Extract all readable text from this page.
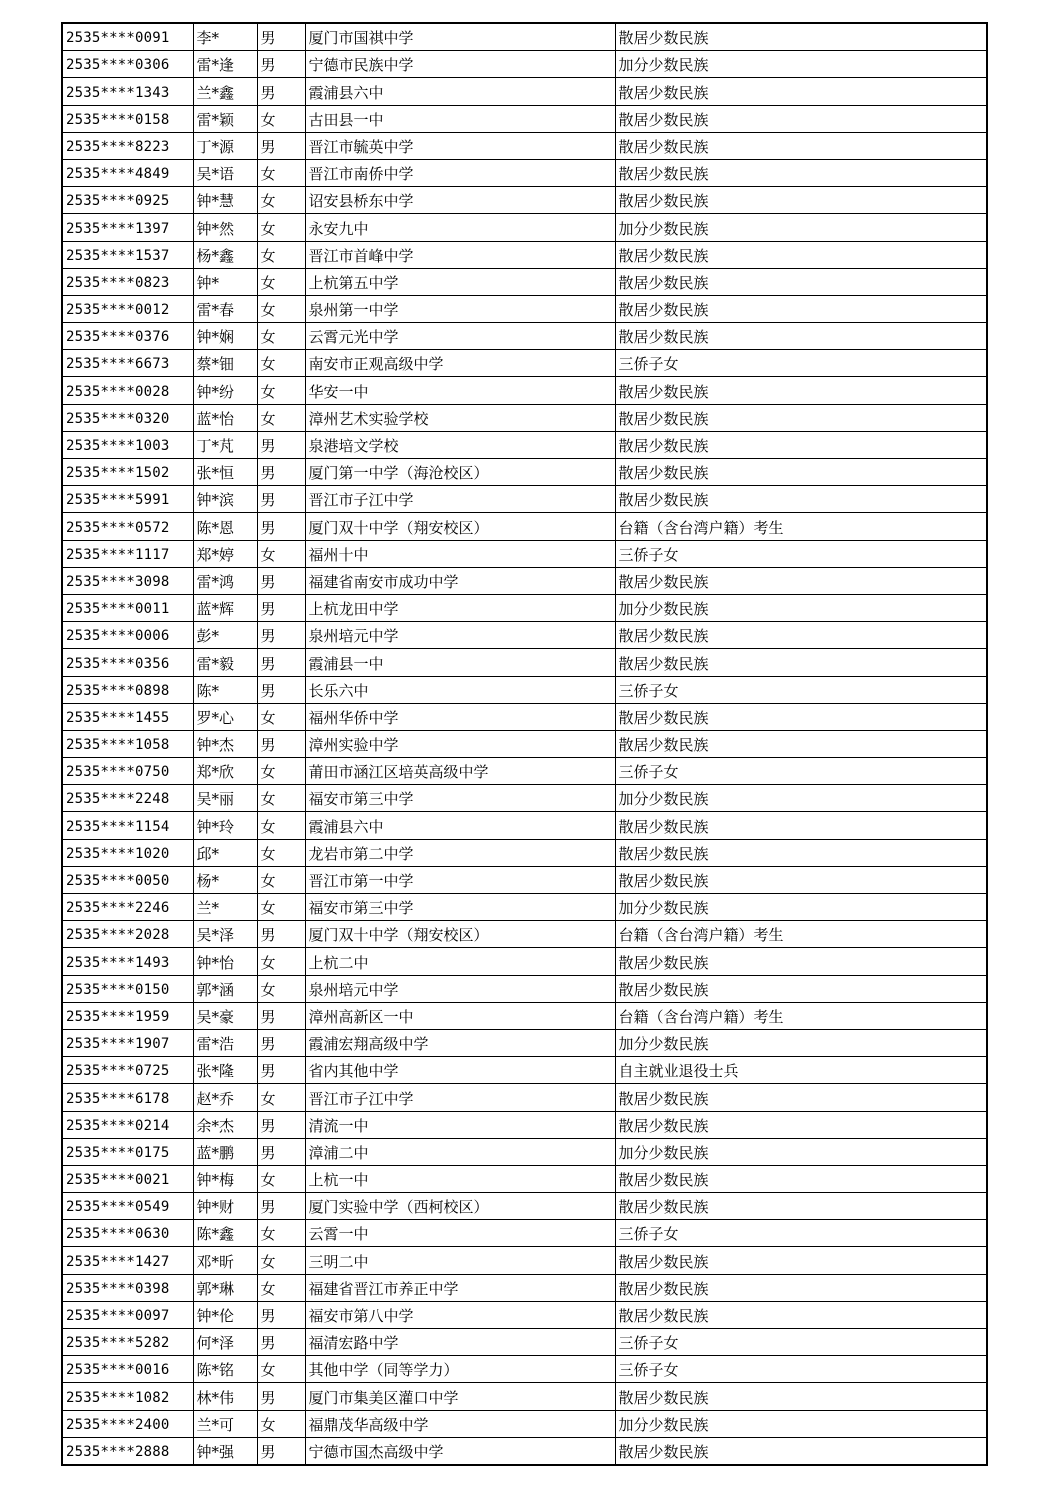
2535****0091	李*	男	厦门市国祺中学	散居少数民族
2535****0306	雷*逢	男	宁德市民族中学	加分少数民族
2535****1343	兰*鑫	男	霞浦县六中	散居少数民族
2535****0158	雷*颖	女	古田县一中	散居少数民族
2535****8223	丁*源	男	晋江市毓英中学	散居少数民族
2535****4849	吴*语	女	晋江市南侨中学	散居少数民族
2535****0925	钟*慧	女	诏安县桥东中学	散居少数民族
2535****1397	钟*然	女	永安九中	加分少数民族
2535****1537	杨*鑫	女	晋江市首峰中学	散居少数民族
2535****0823	钟*	女	上杭第五中学	散居少数民族
2535****0012	雷*春	女	泉州第一中学	散居少数民族
2535****0376	钟*娴	女	云霄元光中学	散居少数民族
2535****6673	蔡*钿	女	南安市正观高级中学	三侨子女
2535****0028	钟*纷	女	华安一中	散居少数民族
2535****0320	蓝*怡	女	漳州艺术实验学校	散居少数民族
2535****1003	丁*芃	男	泉港培文学校	散居少数民族
2535****1502	张*恒	男	厦门第一中学（海沧校区）	散居少数民族
2535****5991	钟*滨	男	晋江市子江中学	散居少数民族
2535****0572	陈*恩	男	厦门双十中学（翔安校区）	台籍（含台湾户籍）考生
2535****1117	郑*婷	女	福州十中	三侨子女
2535****3098	雷*鸿	男	福建省南安市成功中学	散居少数民族
2535****0011	蓝*辉	男	上杭龙田中学	加分少数民族
2535****0006	彭*	男	泉州培元中学	散居少数民族
2535****0356	雷*毅	男	霞浦县一中	散居少数民族
2535****0898	陈*	男	长乐六中	三侨子女
2535****1455	罗*心	女	福州华侨中学	散居少数民族
2535****1058	钟*杰	男	漳州实验中学	散居少数民族
2535****0750	郑*欣	女	莆田市涵江区培英高级中学	三侨子女
2535****2248	吴*丽	女	福安市第三中学	加分少数民族
2535****1154	钟*玲	女	霞浦县六中	散居少数民族
2535****1020	邱*	女	龙岩市第二中学	散居少数民族
2535****0050	杨*	女	晋江市第一中学	散居少数民族
2535****2246	兰*	女	福安市第三中学	加分少数民族
2535****2028	吴*泽	男	厦门双十中学（翔安校区）	台籍（含台湾户籍）考生
2535****1493	钟*怡	女	上杭二中	散居少数民族
2535****0150	郭*涵	女	泉州培元中学	散居少数民族
2535****1959	吴*豪	男	漳州高新区一中	台籍（含台湾户籍）考生
2535****1907	雷*浩	男	霞浦宏翔高级中学	加分少数民族
2535****0725	张*隆	男	省内其他中学	自主就业退役士兵
2535****6178	赵*乔	女	晋江市子江中学	散居少数民族
2535****0214	余*杰	男	清流一中	散居少数民族
2535****0175	蓝*鹏	男	漳浦二中	加分少数民族
2535****0021	钟*梅	女	上杭一中	散居少数民族
2535****0549	钟*财	男	厦门实验中学（西柯校区）	散居少数民族
2535****0630	陈*鑫	女	云霄一中	三侨子女
2535****1427	邓*昕	女	三明二中	散居少数民族
2535****0398	郭*琳	女	福建省晋江市养正中学	散居少数民族
2535****0097	钟*伦	男	福安市第八中学	散居少数民族
2535****5282	何*泽	男	福清宏路中学	三侨子女
2535****0016	陈*铭	女	其他中学（同等学力）	三侨子女
2535****1082	林*伟	男	厦门市集美区灌口中学	散居少数民族
2535****2400	兰*可	女	福鼎茂华高级中学	加分少数民族
2535****2888	钟*强	男	宁德市国杰高级中学	散居少数民族
